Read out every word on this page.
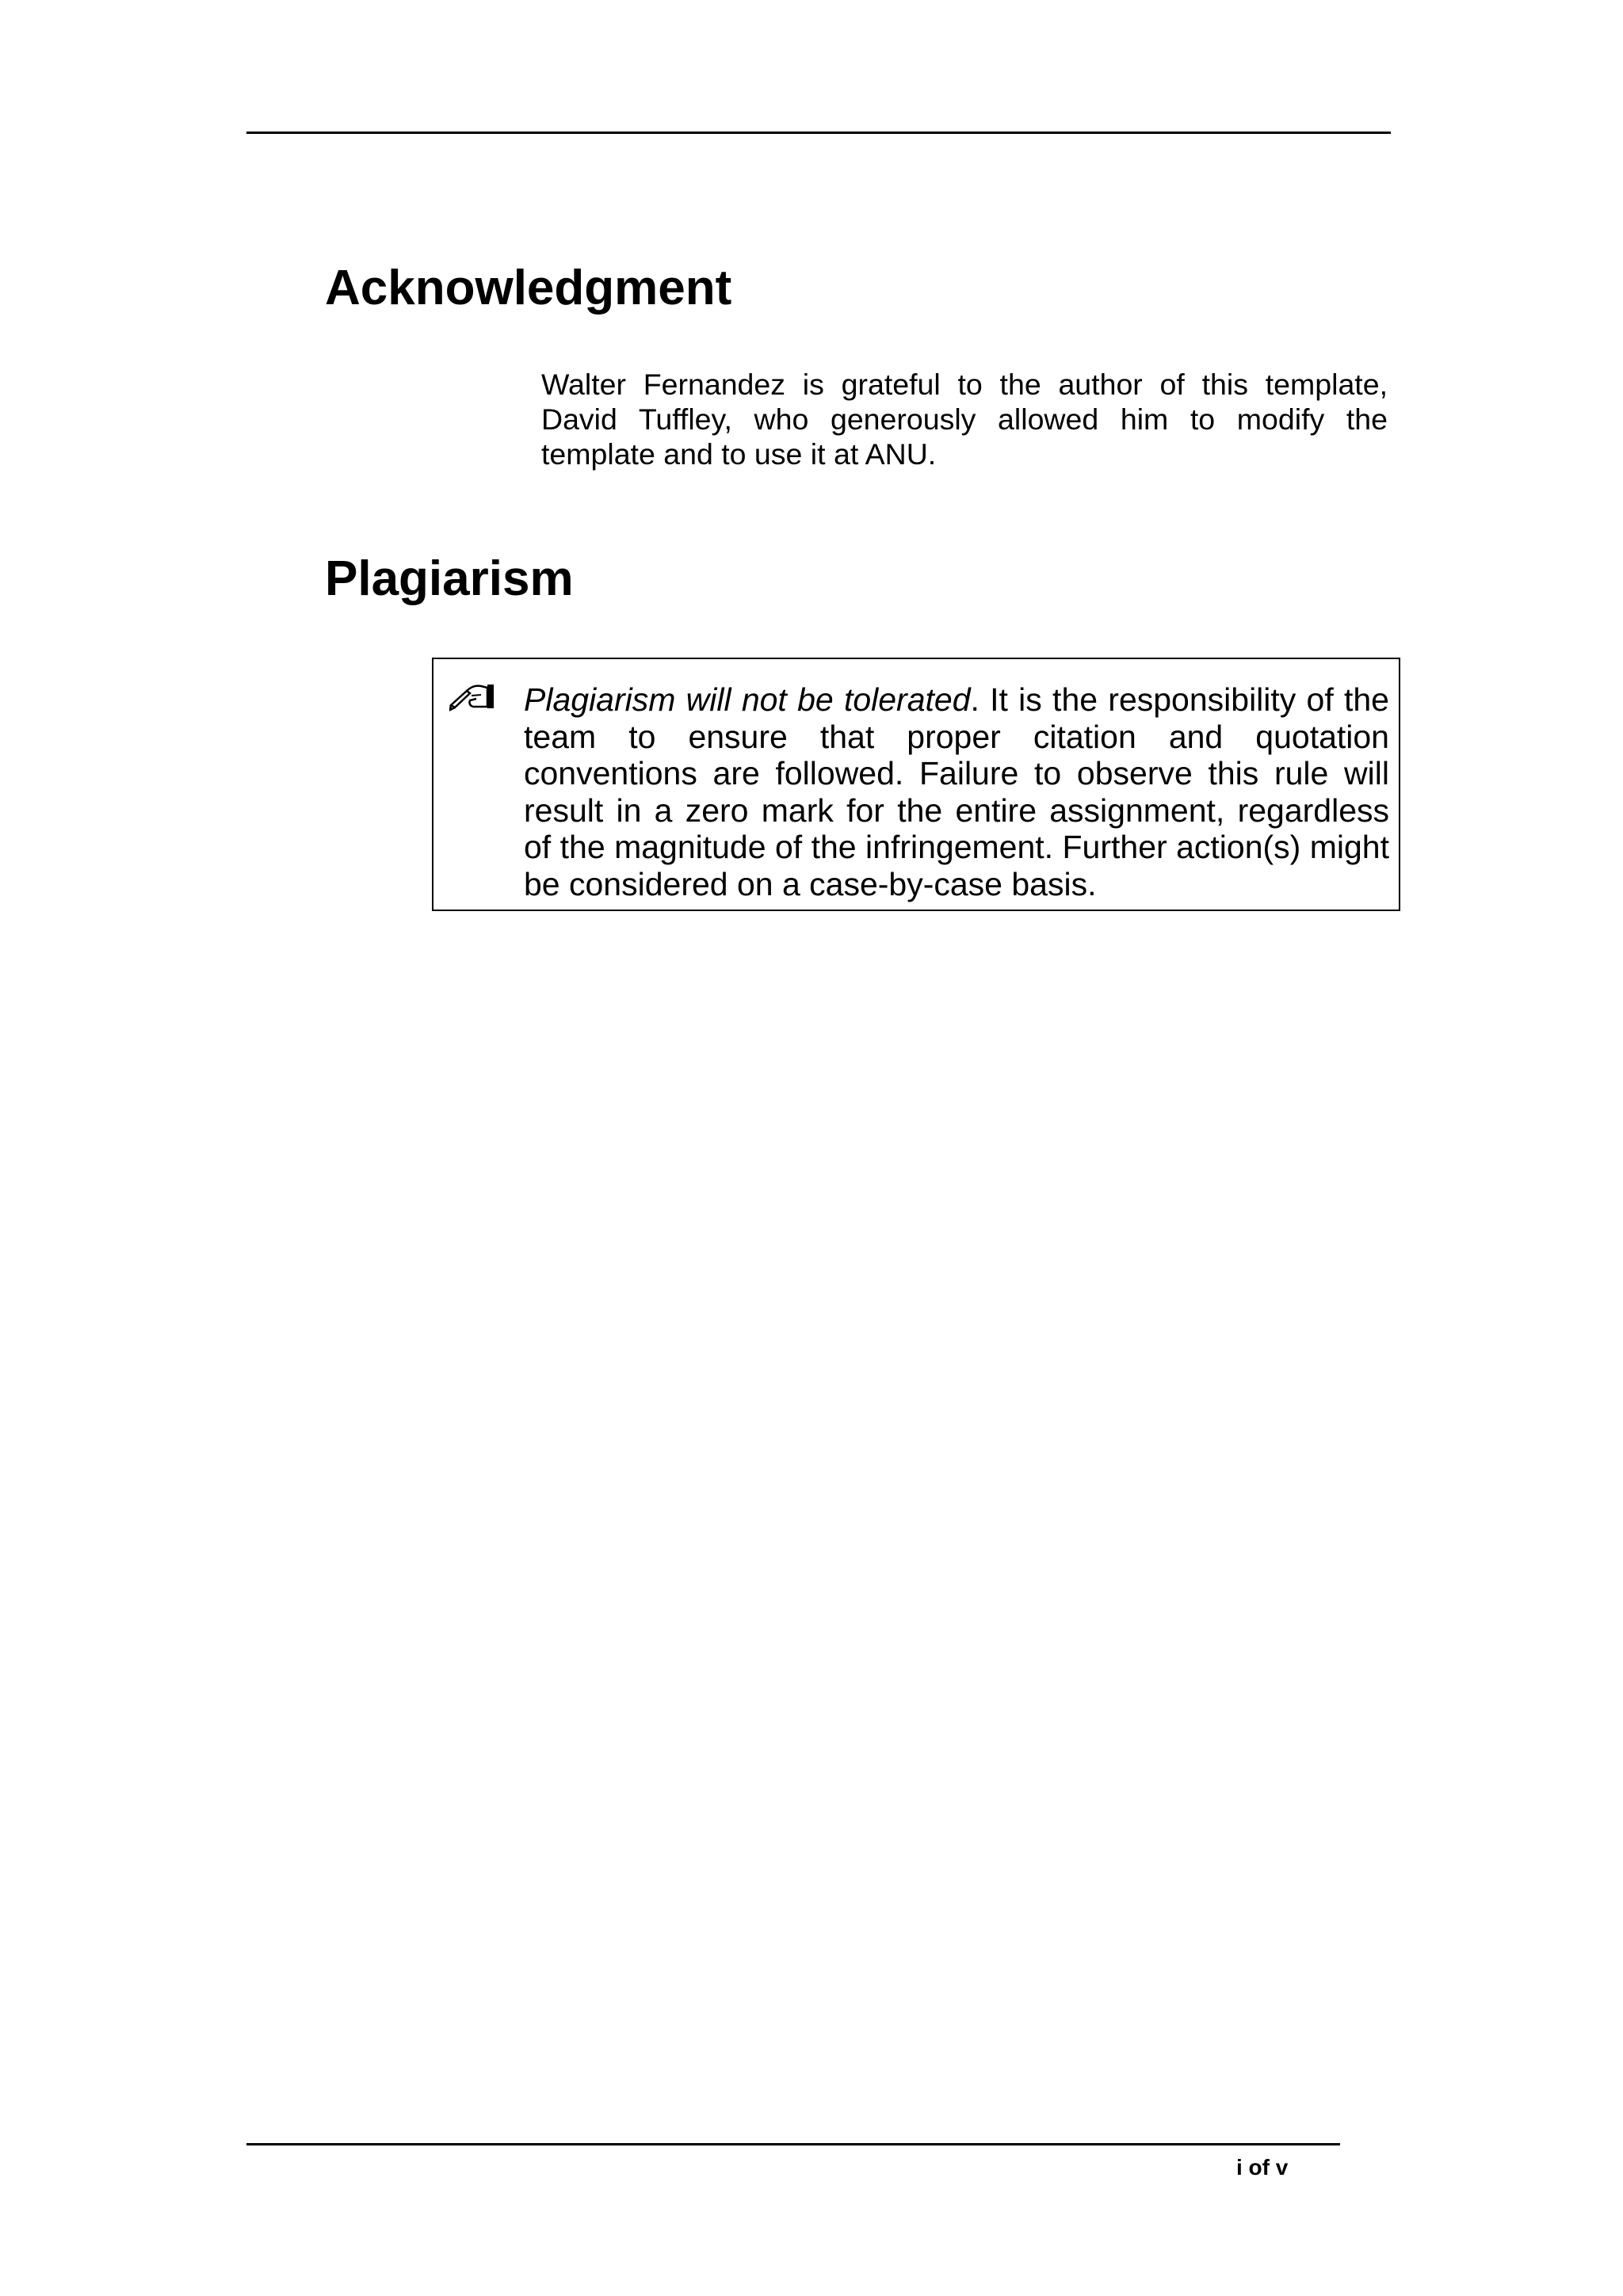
Acknowledgment

Walter Fernandez is grateful to the author of this template, David Tuffley, who generously allowed him to modify the template and to use it at ANU.

Plagiarism

Plagiarism will not be tolerated. It is the responsibility of the team to ensure that proper citation and quotation conventions are followed. Failure to observe this rule will result in a zero mark for the entire assignment, regardless of the magnitude of the infringement. Further action(s) might be considered on a case-by-case basis.

i of v
